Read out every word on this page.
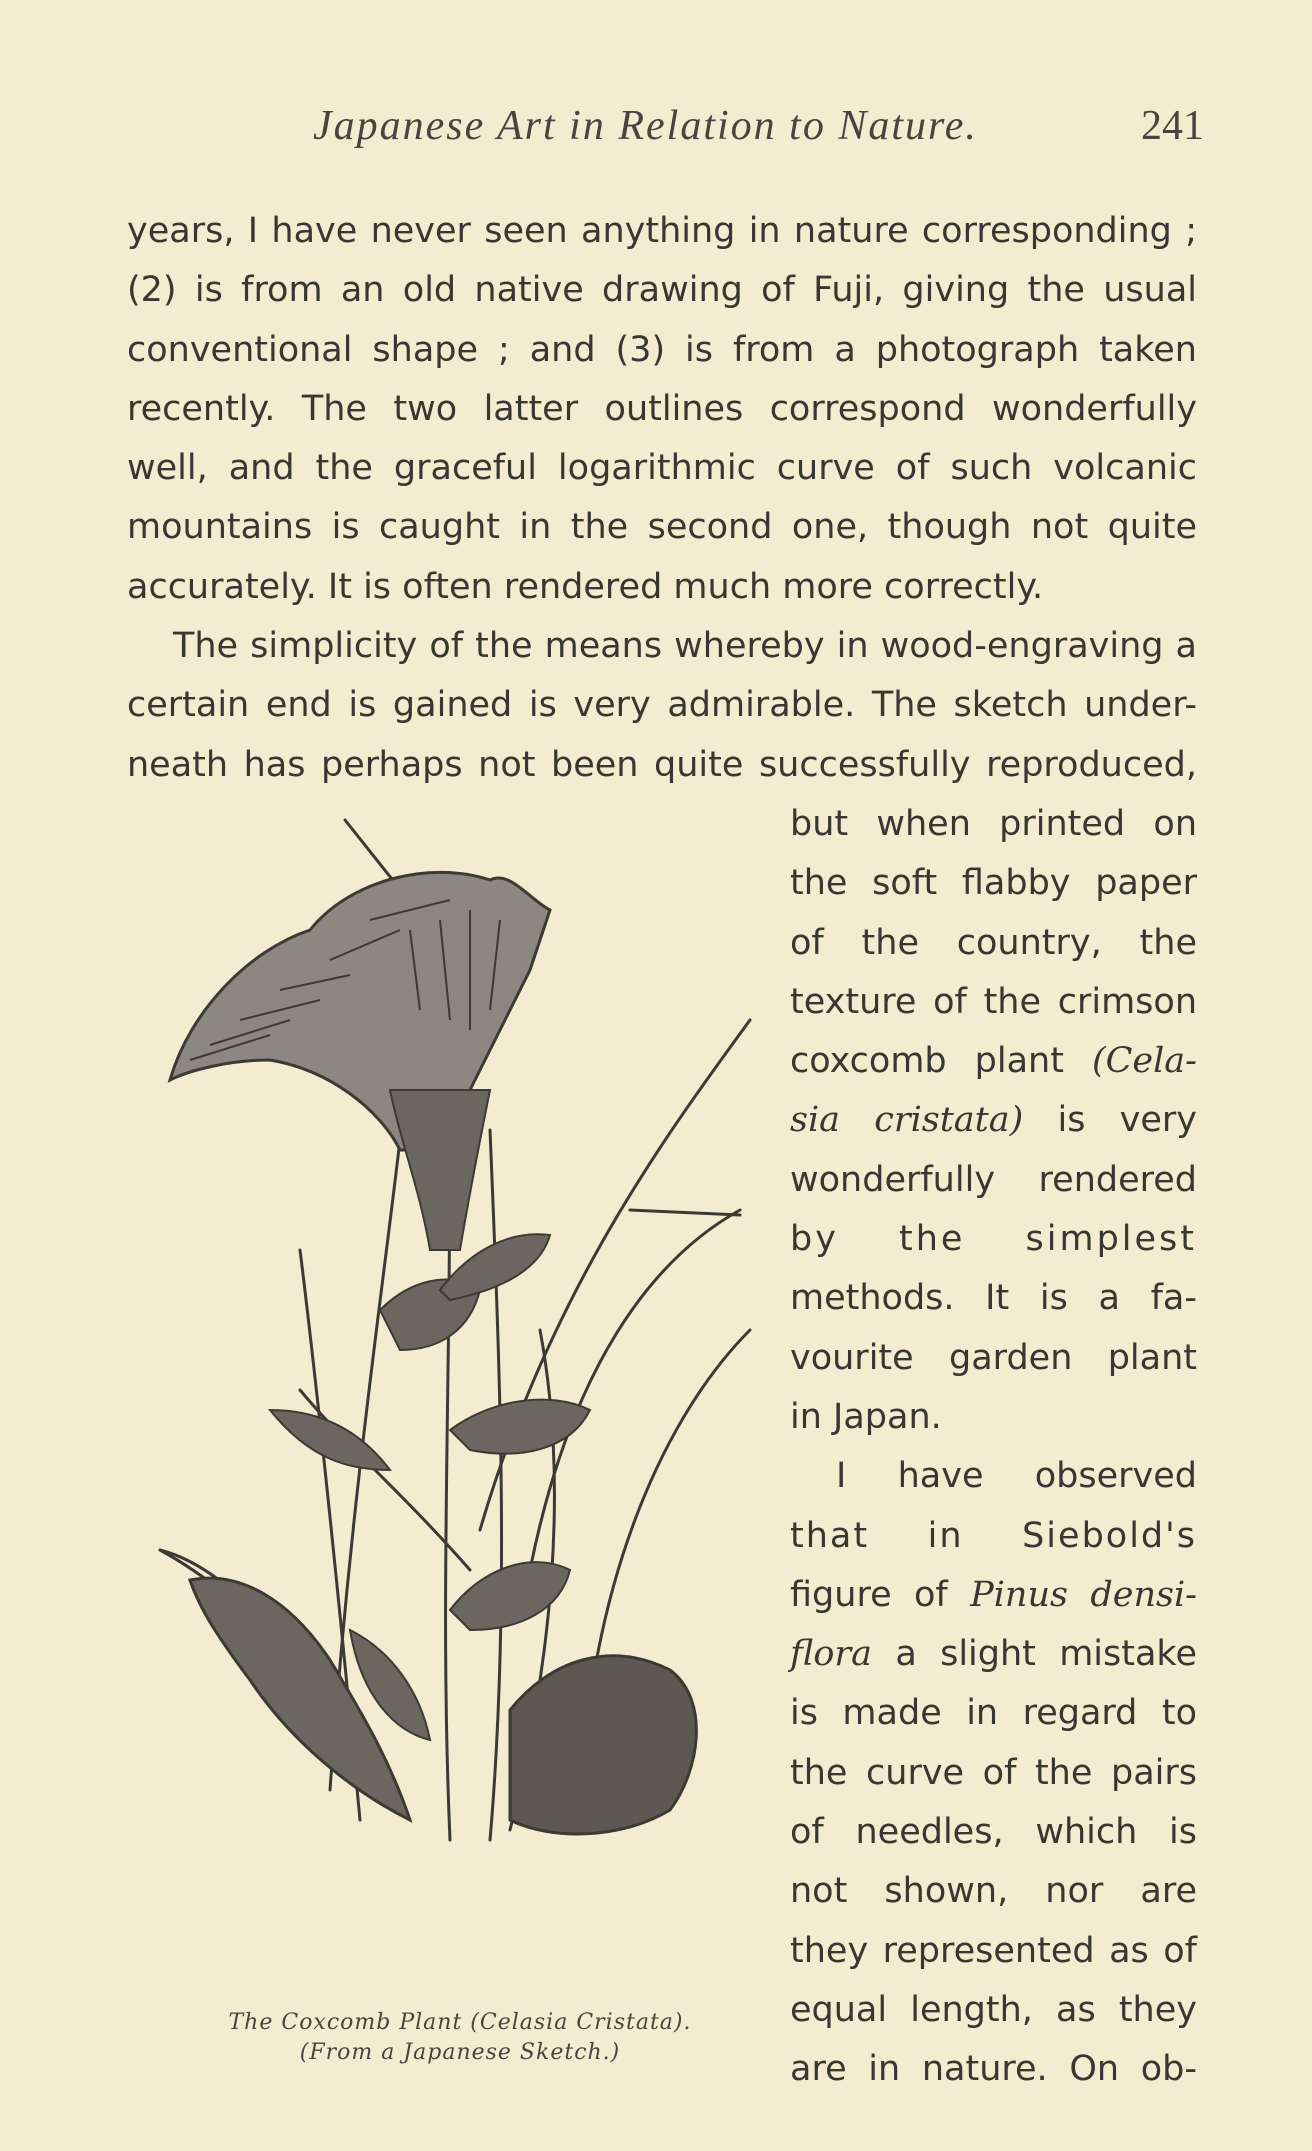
Japanese Art in Relation to Nature.	241
years, I have never seen anything in nature corresponding ;
(2) is from an old native drawing of Fuji, giving the usual
conventional shape ; and (3) is from a photograph taken
recently. The two latter outlines correspond wonderfully
well, and the graceful logarithmic curve of such volcanic
mountains is caught in the second one, though not quite
accurately. It is often rendered much more correctly.
The simplicity of the means whereby in wood-engraving a
certain end is gained is very admirable. The sketch under-
neath has perhaps not been quite successfully reproduced,
but when printed on
the soft flabby paper
of the country, the
texture of the crimson
coxcomb plant (Cela-
sia cristata) is very
wonderfully rendered
by the simplest
methods. It is a fa-
vourite garden plant
in Japan.
I have observed
that in Siebold's
figure of Pinus densi-
flora a slight mistake
is made in regard to
the curve of the pairs
of needles, which is
not shown, nor are
they represented as of
equal length, as they
are in nature. On ob-
The Coxcomb Plant (Celasia Cristata).
(From a Japanese Sketch.)
